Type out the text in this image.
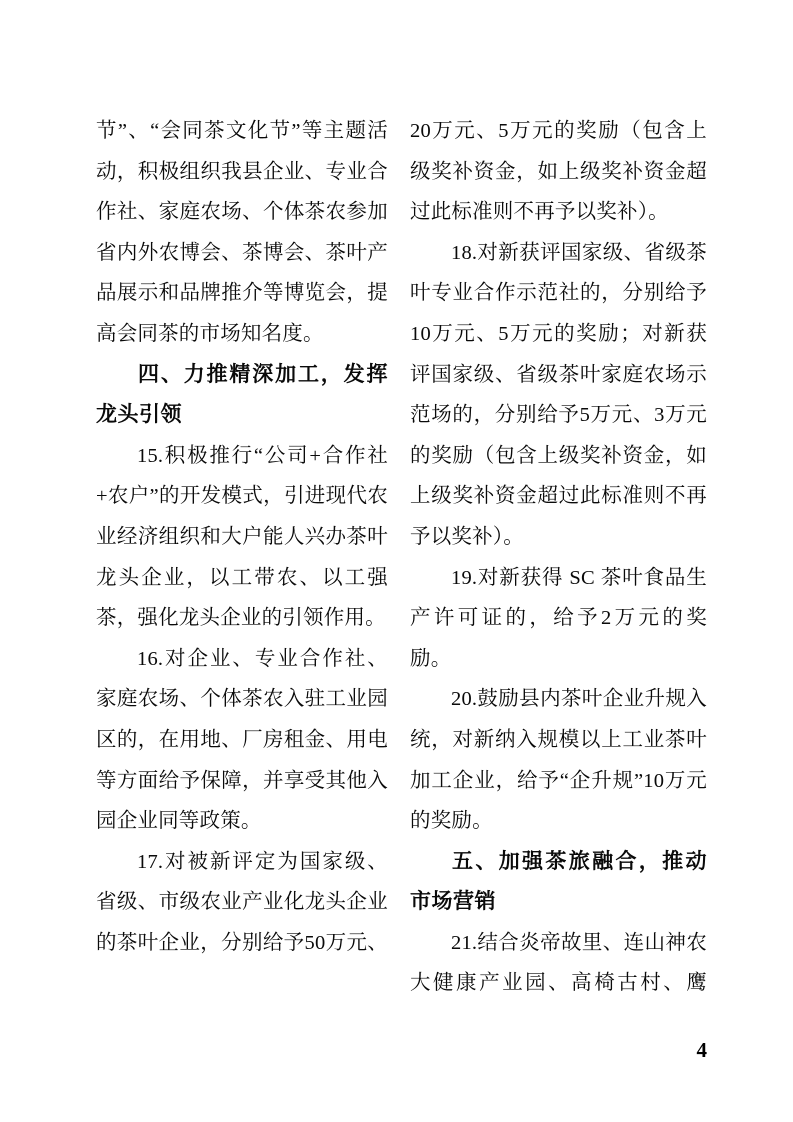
节”、“会同茶文化节”等主题活动，积极组织我县企业、专业合作社、家庭农场、个体茶农参加省内外农博会、茶博会、茶叶产品展示和品牌推介等博览会，提高会同茶的市场知名度。

四、力推精深加工，发挥龙头引领

15.积极推行“公司+合作社+农户”的开发模式，引进现代农业经济组织和大户能人兴办茶叶龙头企业，以工带农、以工强茶，强化龙头企业的引领作用。

16.对企业、专业合作社、家庭农场、个体茶农入驻工业园区的，在用地、厂房租金、用电等方面给予保障，并享受其他入园企业同等政策。

17.对被新评定为国家级、省级、市级农业产业化龙头企业的茶叶企业，分别给予50万元、

20万元、5万元的奖励（包含上级奖补资金，如上级奖补资金超过此标准则不再予以奖补）。

18.对新获评国家级、省级茶叶专业合作示范社的，分别给予10万元、5万元的奖励；对新获评国家级、省级茶叶家庭农场示范场的，分别给予5万元、3万元的奖励（包含上级奖补资金，如上级奖补资金超过此标准则不再予以奖补）。

19.对新获得 SC 茶叶食品生产许可证的，给予2万元的奖励。

20.鼓励县内茶叶企业升规入统，对新纳入规模以上工业茶叶加工企业，给予“企升规”10万元的奖励。

五、加强茶旅融合，推动市场营销

21.结合炎帝故里、连山神农大健康产业园、高椅古村、鹰

4
